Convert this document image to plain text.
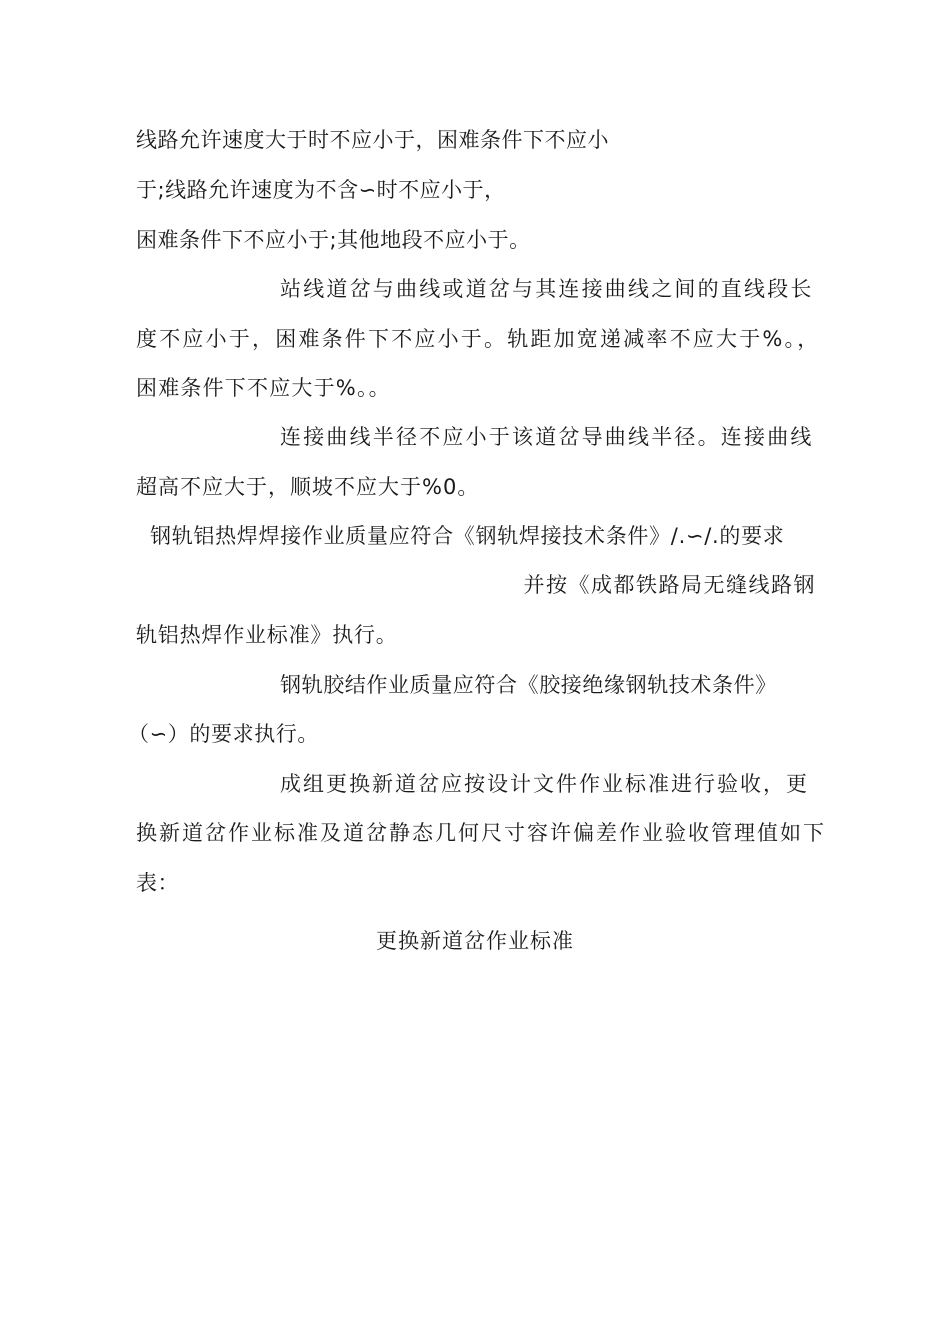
线路允许速度大于时不应小于，困难条件下不应小
于;线路允许速度为不含∽时不应小于，
困难条件下不应小于;其他地段不应小于。
站线道岔与曲线或道岔与其连接曲线之间的直线段长
度不应小于，困难条件下不应小于。轨距加宽递减率不应大于%。，
困难条件下不应大于%。。
连接曲线半径不应小于该道岔导曲线半径。连接曲线
超高不应大于，顺坡不应大于%0。
钢轨铝热焊焊接作业质量应符合《钢轨焊接技术条件》/.∽/.的要求
并按《成都铁路局无缝线路钢
轨铝热焊作业标准》执行。
钢轨胶结作业质量应符合《胶接绝缘钢轨技术条件》
（∽）的要求执行。
成组更换新道岔应按设计文件作业标准进行验收，更
换新道岔作业标准及道岔静态几何尺寸容许偏差作业验收管理值如下
表：
更换新道岔作业标准
